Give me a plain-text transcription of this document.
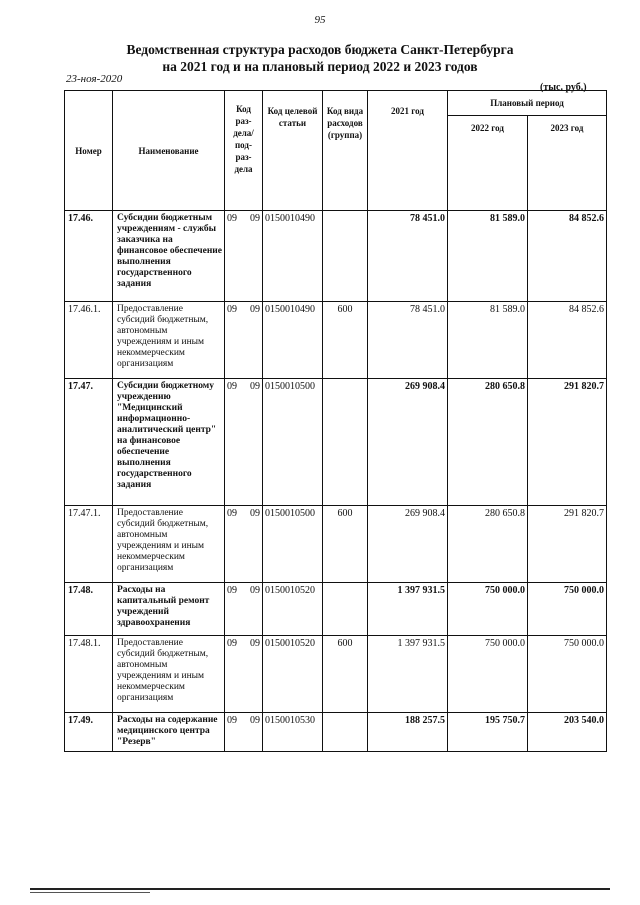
95
Ведомственная структура расходов бюджета Санкт-Петербурга
на 2021 год и на плановый период 2022 и 2023 годов
23-ноя-2020
(тыс. руб.)
Номер	Наименование	Код раз-дела/ под-раз-дела	Код целевой статьи	Код вида расходов (группа)	2021 год	Плановый период	
						2022 год	2023 год
17.46.	Субсидии бюджетным учреждениям - службы заказчика на финансовое обеспечение выполнения государственного задания	09 09	0150010490		78 451.0	81 589.0	84 852.6
17.46.1.	Предоставление субсидий бюджетным, автономным учреждениям и иным некоммерческим организациям	09 09	0150010490	600	78 451.0	81 589.0	84 852.6
17.47.	Субсидии бюджетному учреждению "Медицинский информационно-аналитический центр" на финансовое обеспечение выполнения государственного задания	09 09	0150010500		269 908.4	280 650.8	291 820.7
17.47.1.	Предоставление субсидий бюджетным, автономным учреждениям и иным некоммерческим организациям	09 09	0150010500	600	269 908.4	280 650.8	291 820.7
17.48.	Расходы на капитальный ремонт учреждений здравоохранения	09 09	0150010520		1 397 931.5	750 000.0	750 000.0
17.48.1.	Предоставление субсидий бюджетным, автономным учреждениям и иным некоммерческим организациям	09 09	0150010520	600	1 397 931.5	750 000.0	750 000.0
17.49.	Расходы на содержание медицинского центра "Резерв"	09 09	0150010530		188 257.5	195 750.7	203 540.0
